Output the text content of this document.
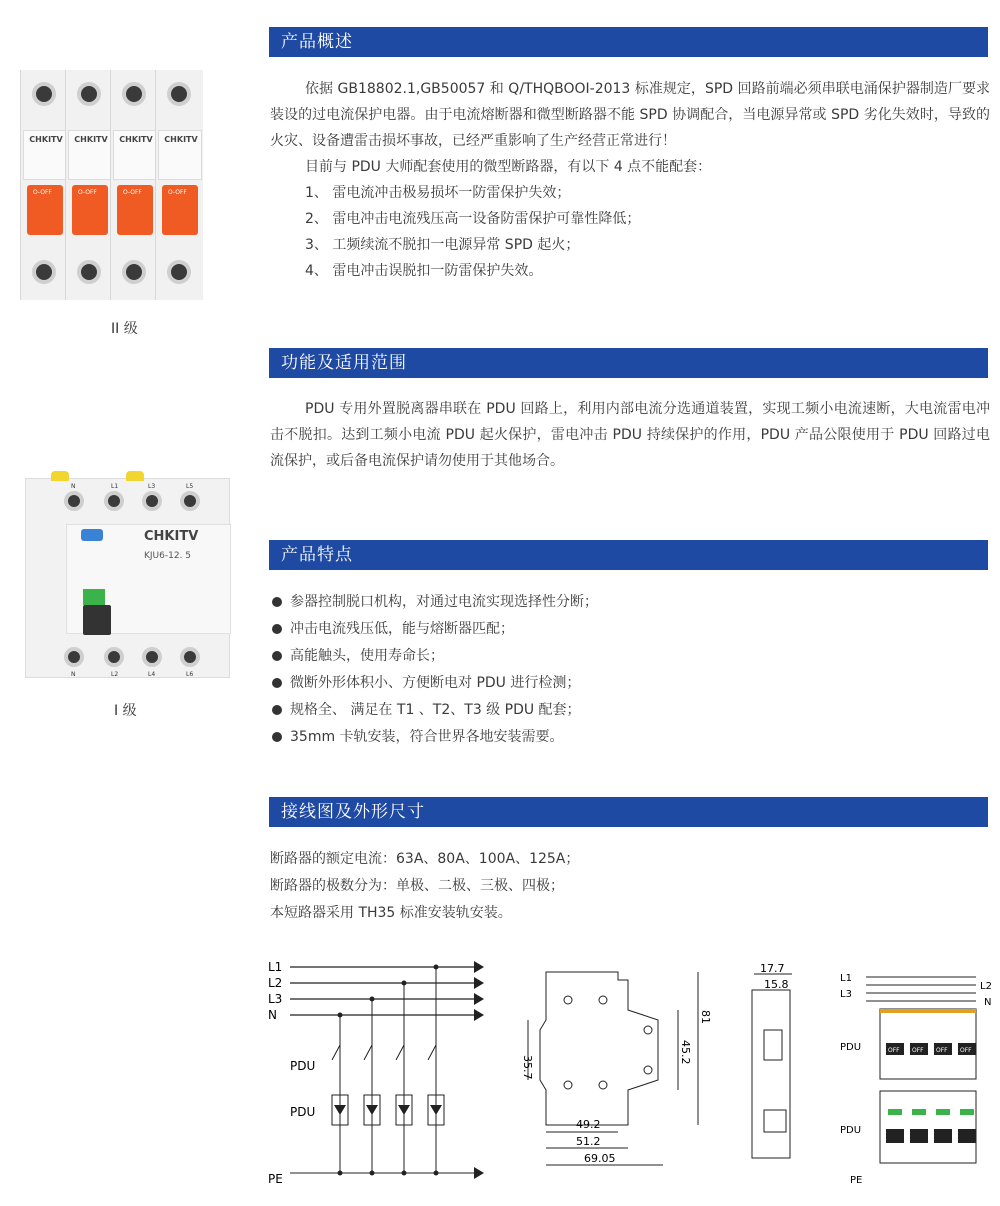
产品概述

依据 GB18802.1,GB50057 和 Q/THQBOOI-2013 标准规定，SPD 回路前端必须串联电涌保护器制造厂要求装设的过电流保护电器。由于电流熔断器和微型断路器不能 SPD 协调配合，当电源异常或 SPD 劣化失效时，导致的火灾、设备遭雷击损坏事故，已经严重影响了生产经营正常进行！

目前与 PDU 大师配套使用的微型断路器，有以下 4 点不能配套：

1、 雷电流冲击极易损坏一防雷保护失效；

2、 雷电冲击电流残压高一设备防雷保护可靠性降低；

3、 工频续流不脱扣一电源异常 SPD 起火；

4、 雷电冲击误脱扣一防雷保护失效。

CHKITV
O-OFF
CHKITV
O-OFF
CHKITV
O-OFF
CHKITV
O-OFF
II 级
功能及适用范围

PDU 专用外置脱离器串联在 PDU 回路上，利用内部电流分选通道装置，实现工频小电流速断，大电流雷电冲击不脱扣。达到工频小电流 PDU 起火保护，雷电冲击 PDU 持续保护的作用，PDU 产品公限使用于 PDU 回路过电流保护，或后备电流保护请勿使用于其他场合。

N	L1	L3	L5
CHKITV
KJU6-12. 5
N	L2	L4	L6
I 级
产品特点
参器控制脱口机构，对通过电流实现选择性分断；
冲击电流残压低，能与熔断器匹配；
高能触头，使用寿命长；
微断外形体积小、方便断电对 PDU 进行检测；
规格全、 满足在 T1 、T2、T3 级 PDU 配套；
35mm 卡轨安装，符合世界各地安装需要。
接线图及外形尺寸

断路器的额定电流：63A、80A、100A、125A；

断路器的极数分为：单极、二极、三极、四极；

本短路器采用 TH35 标准安装轨安装。

L1
L2
L3
N
PDU
PDU
PE
35.7
45.2
81
49.2
51.2
69.05
17.7
15.8
OFF OFF OFF OFF
L1
L3
L2
N
PDU
PDU
PE
